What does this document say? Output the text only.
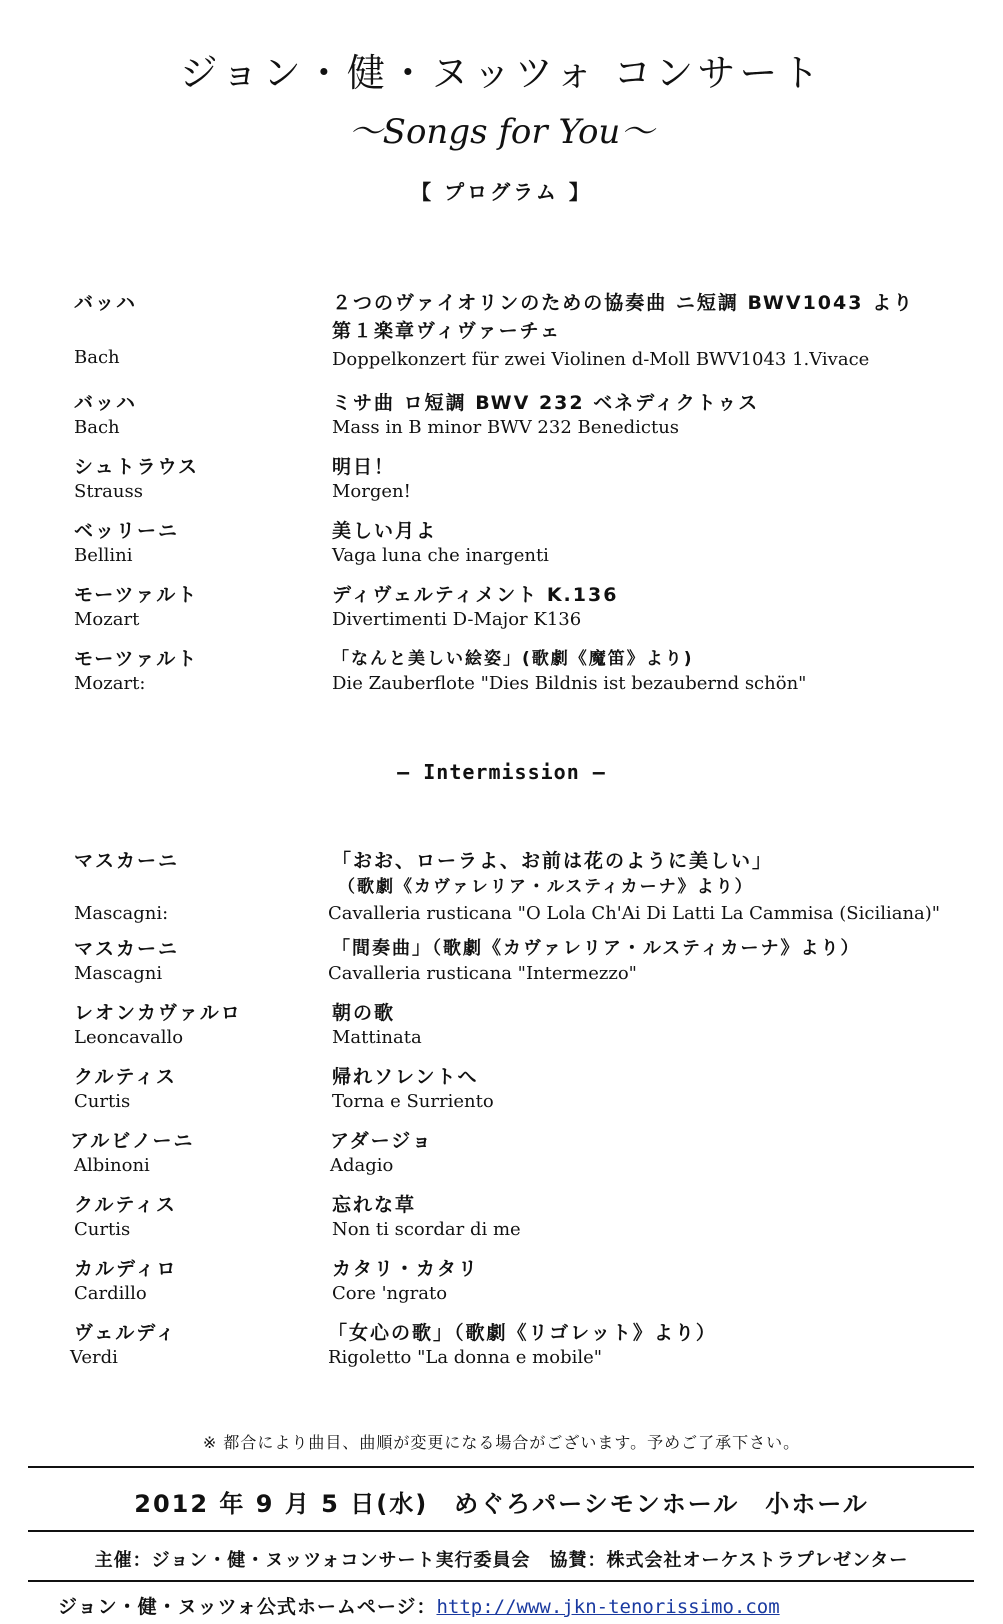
ジョン・健・ヌッツォ コンサート
〜Songs for You〜
【 プログラム 】
バッハ	２つのヴァイオリンのための協奏曲 ニ短調 BWV1043 より
第１楽章ヴィヴァーチェ
Bach	Doppelkonzert für zwei Violinen d-Moll BWV1043 1.Vivace
バッハ	ミサ曲 ロ短調 BWV 232 ベネディクトゥス
Bach	Mass in B minor BWV 232 Benedictus
シュトラウス	明日！
Strauss	Morgen!
ベッリーニ	美しい月よ
Bellini	Vaga luna che inargenti
モーツァルト	ディヴェルティメント K.136
Mozart	Divertimenti D-Major K136
モーツァルト	「なんと美しい絵姿」(歌劇《魔笛》より)
Mozart:	Die Zauberflote "Dies Bildnis ist bezaubernd schön"
— Intermission —
マスカーニ	「おお、ローラよ、お前は花のように美しい」
（歌劇《カヴァレリア・ルスティカーナ》より）
Mascagni:	Cavalleria rusticana "O Lola Ch'Ai Di Latti La Cammisa (Siciliana)"
マスカーニ	「間奏曲」（歌劇《カヴァレリア・ルスティカーナ》より）
Mascagni	Cavalleria rusticana "Intermezzo"
レオンカヴァルロ	朝の歌
Leoncavallo	Mattinata
クルティス	帰れソレントへ
Curtis	Torna e Surriento
アルビノーニ	アダージョ
Albinoni	Adagio
クルティス	忘れな草
Curtis	Non ti scordar di me
カルディロ	カタリ・カタリ
Cardillo	Core 'ngrato
ヴェルディ	「女心の歌」（歌劇《リゴレット》より）
Verdi	Rigoletto "La donna e mobile"
※ 都合により曲目、曲順が変更になる場合がございます。予めご了承下さい。
2012 年 9 月 5 日(水)　めぐろパーシモンホール　小ホール
主催：ジョン・健・ヌッツォコンサート実行委員会　協賛：株式会社オーケストラプレゼンター
ジョン・健・ヌッツォ公式ホームページ：http://www.jkn-tenorissimo.com
